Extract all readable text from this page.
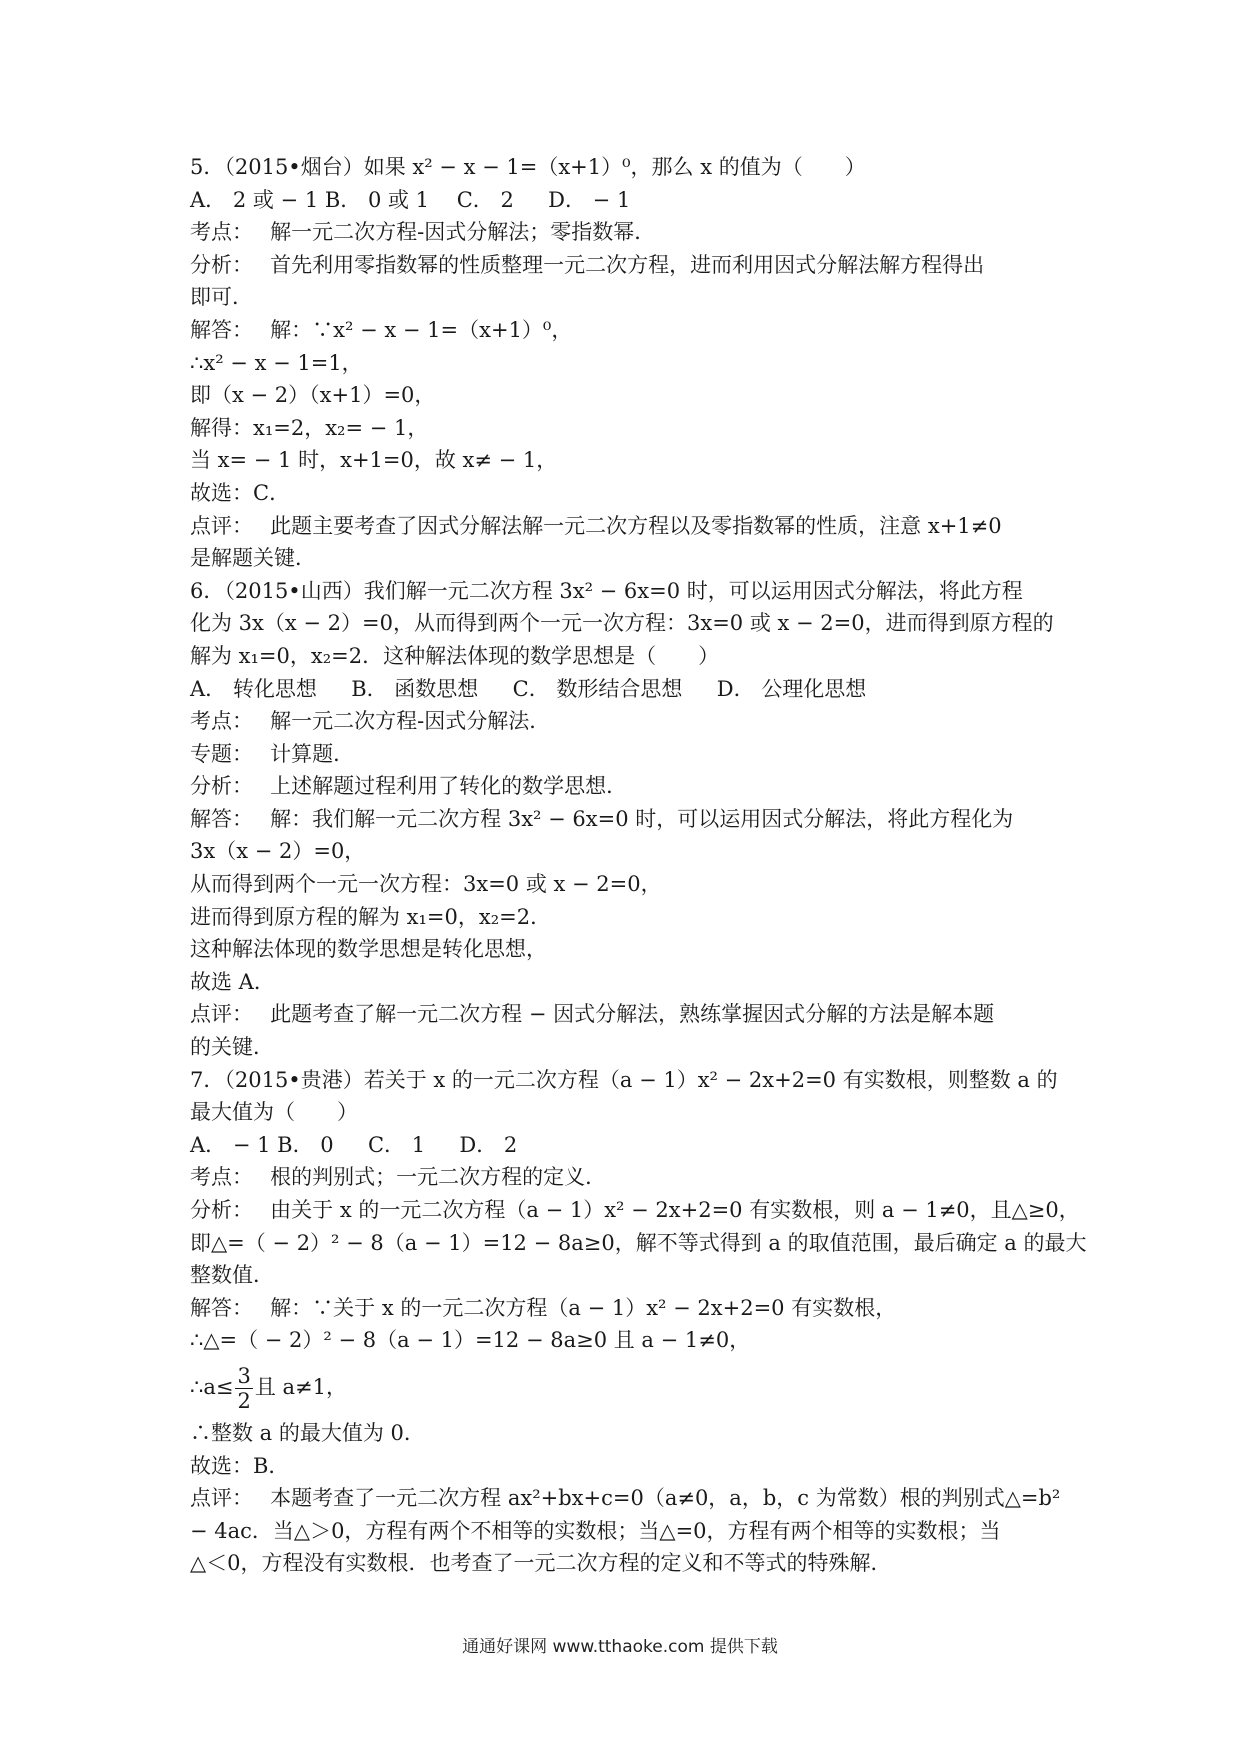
5．（2015•烟台）如果 x² − x − 1=（x+1）⁰，那么 x 的值为（　　）
A． 2 或 − 1 B． 0 或 1 　C． 2 　 D． − 1
考点：　 解一元二次方程-因式分解法；零指数幂．
分析：　 首先利用零指数幂的性质整理一元二次方程，进而利用因式分解法解方程得出
即可．
解答：　 解：∵x² − x − 1=（x+1）⁰，
∴x² − x − 1=1，
即（x − 2）（x+1）=0，
解得：x₁=2，x₂= − 1，
当 x= − 1 时，x+1=0，故 x≠ − 1，
故选：C．
点评：　 此题主要考查了因式分解法解一元二次方程以及零指数幂的性质，注意 x+1≠0
是解题关键．
6．（2015•山西）我们解一元二次方程 3x² − 6x=0 时，可以运用因式分解法，将此方程
化为 3x（x − 2）=0，从而得到两个一元一次方程：3x=0 或 x − 2=0，进而得到原方程的
解为 x₁=0，x₂=2．这种解法体现的数学思想是（　　）
A． 转化思想 　 B． 函数思想 　 C． 数形结合思想 　 D． 公理化思想
考点：　 解一元二次方程-因式分解法．
专题：　 计算题．
分析：　 上述解题过程利用了转化的数学思想．
解答：　 解：我们解一元二次方程 3x² − 6x=0 时，可以运用因式分解法，将此方程化为
3x（x − 2）=0，
从而得到两个一元一次方程：3x=0 或 x − 2=0，
进而得到原方程的解为 x₁=0，x₂=2．
这种解法体现的数学思想是转化思想，
故选 A．
点评：　 此题考查了解一元二次方程 − 因式分解法，熟练掌握因式分解的方法是解本题
的关键．
7．（2015•贵港）若关于 x 的一元二次方程（a − 1）x² − 2x+2=0 有实数根，则整数 a 的
最大值为（　　）
A． − 1 B． 0 　 C． 1 　 D． 2
考点：　 根的判别式；一元二次方程的定义．
分析：　 由关于 x 的一元二次方程（a − 1）x² − 2x+2=0 有实数根，则 a − 1≠0，且△≥0，
即△=（ − 2）² − 8（a − 1）=12 − 8a≥0，解不等式得到 a 的取值范围，最后确定 a 的最大
整数值．
解答：　 解：∵关于 x 的一元二次方程（a − 1）x² − 2x+2=0 有实数根，
∴△=（ − 2）² − 8（a − 1）=12 − 8a≥0 且 a − 1≠0，
∴a≤ $\frac{3}{2}$ 且 a≠1，
∴整数 a 的最大值为 0．
故选：B．
点评：　 本题考查了一元二次方程 ax²+bx+c=0（a≠0，a，b，c 为常数）根的判别式△=b²
− 4ac．当△＞0，方程有两个不相等的实数根；当△=0，方程有两个相等的实数根；当
△＜0，方程没有实数根．也考查了一元二次方程的定义和不等式的特殊解．
通通好课网 www.tthaoke.com 提供下载
